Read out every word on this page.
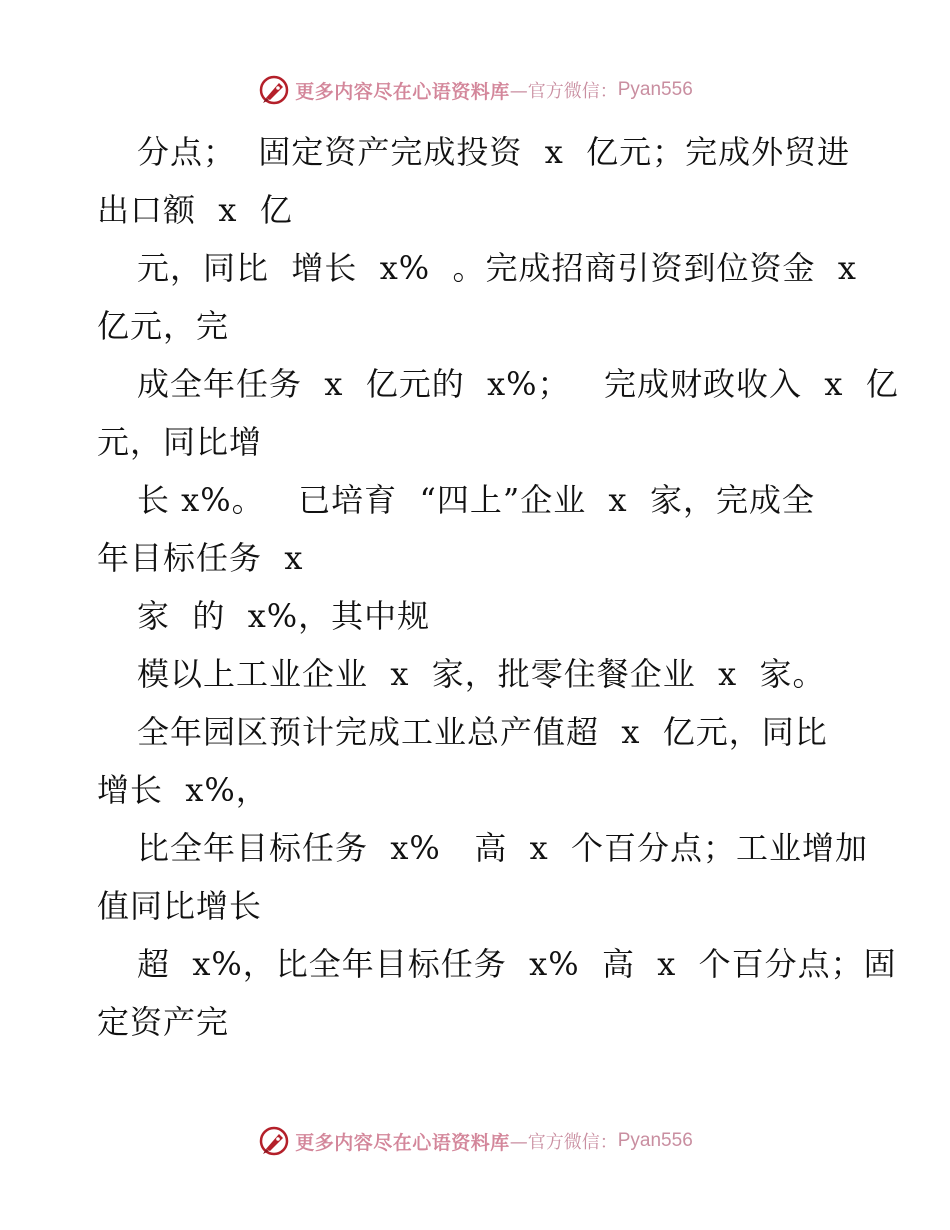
更多内容尽在心语资料库 —官方微信： Pyan556
分点；  固定资产完成投资  x  亿元；完成外贸进
出口额  x  亿
元，同比  增长  x%  。完成招商引资到位资金  x
亿元，完
成全年任务  x  亿元的  x%；   完成财政收入  x  亿
元，同比增
长 x%。   已培育  “四上”企业  x  家，完成全
年目标任务  x
家  的  x%，其中规
模以上工业企业  x  家，批零住餐企业  x  家。
全年园区预计完成工业总产值超  x  亿元，同比
增长  x%，
比全年目标任务  x%   高  x  个百分点；工业增加
值同比增长
超  x%，比全年目标任务  x%  高  x  个百分点；固
定资产完
更多内容尽在心语资料库 —官方微信： Pyan556
